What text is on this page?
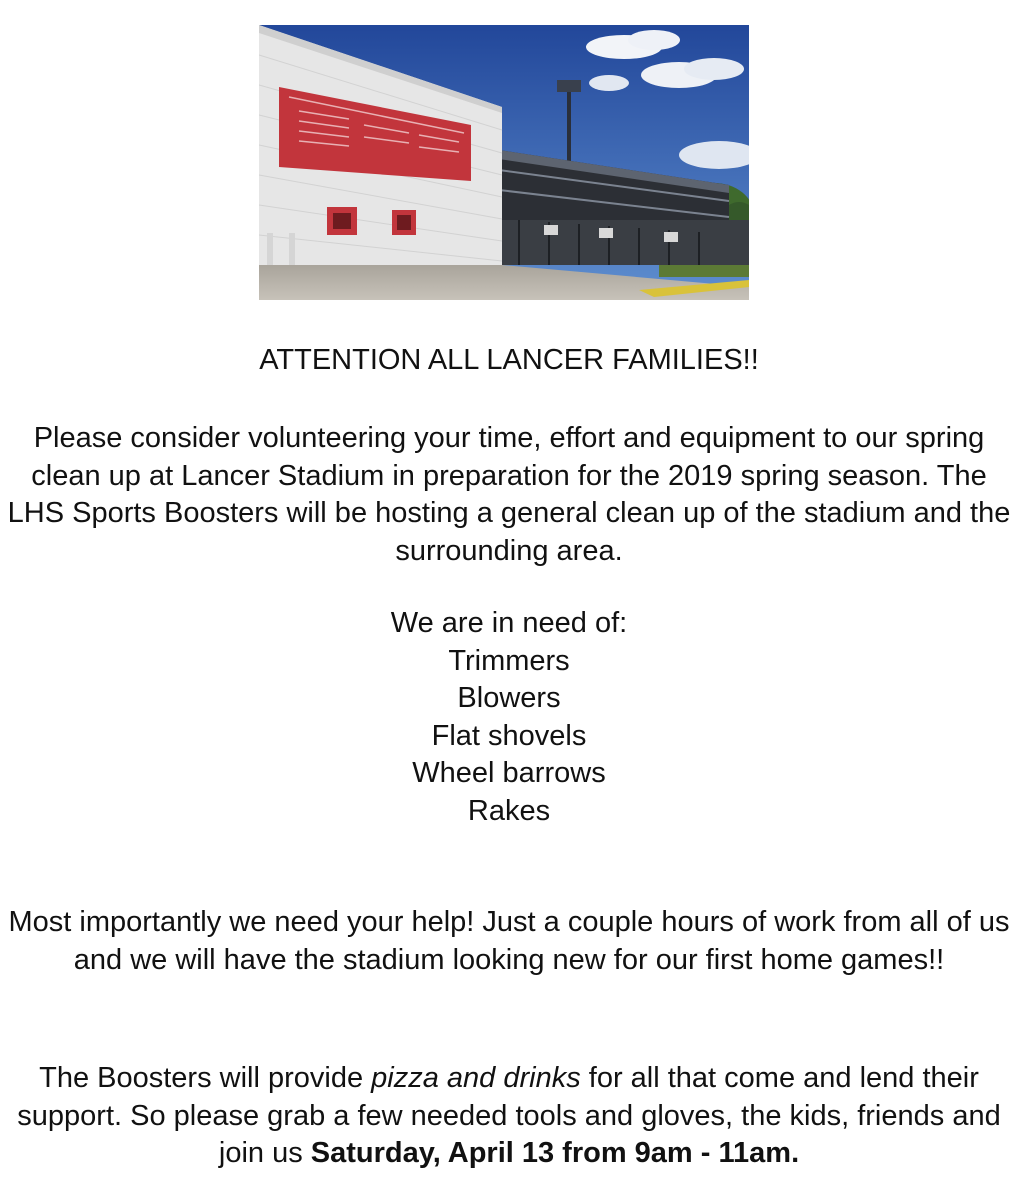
ATTENTION ALL LANCER FAMILIES!!

Please consider volunteering your time, effort and equipment to our spring clean up at Lancer Stadium in preparation for the 2019 spring season. The LHS Sports Boosters will be hosting a general clean up of the stadium and the surrounding area.

We are in need of:
Trimmers
Blowers
Flat shovels
Wheel barrows
Rakes

Most importantly we need your help! Just a couple hours of work from all of us and we will have the stadium looking new for our first home games!!

The Boosters will provide pizza and drinks for all that come and lend their support. So please grab a few needed tools and gloves, the kids, friends and join us Saturday, April 13 from 9am - 11am.
